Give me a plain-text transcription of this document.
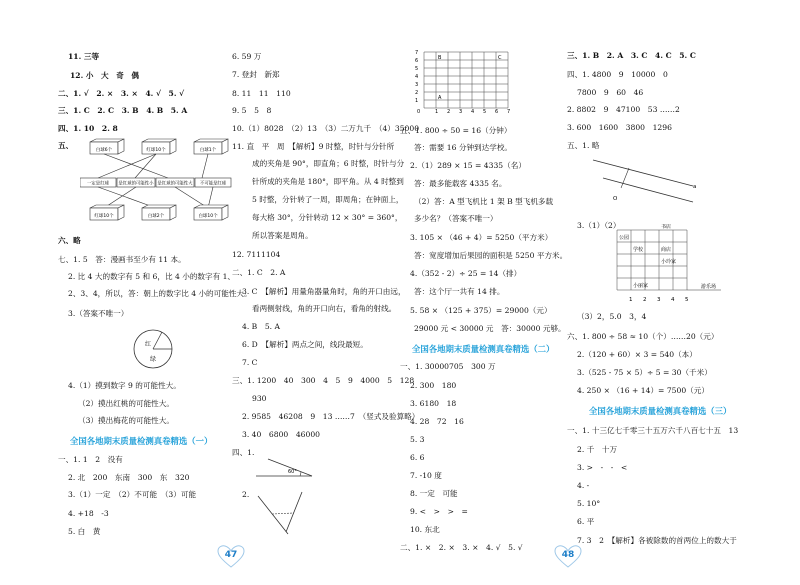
11. 三等
12. 小　大　奇　偶
二、1. √　2. ×　3. ×　4. √　5. √
三、1. C　2. C　3. B　4. B　5. A
四、1. 10　2. 8
五、
白球6个	红球10个	白球1个
一定是红球 是红球的可能性小 是红球的可能性大 不可能是红球
红球10个	白球2个	白球10个
六、略
七、1. 5　答：漫画书至少有 11 本。
2. 比 4 大的数字有 5 和 6，比 4 小的数字有 1、
2、3、4，所以，答：朝上的数字比 4 小的可能性大。
3.（答案不唯一）
红
绿
4.（1）摸到数字 9 的可能性大。
（2）摸出红桃的可能性大。
（3）摸出梅花的可能性大。
全国各地期末质量检测真卷精选（一）
一、1. 1　2　没有
2. 北　200　东南　300　东　320
3.（1）一定　（2）不可能　（3）可能
4. +18　-3
5. 白　黄
6. 59 万
7. 登封　新郑
8. 11　11　110
9. 5　5　8
10.（1）8028　（2）13　（3）二万九千　（4）35000
11. 直　平　周　【解析】9 时整，时针与分针所
成的夹角是 90°，即直角；6 时整，时针与分
针所成的夹角是 180°，即平角。从 4 时整到
5 时整，分针转了一周，即周角；在钟面上，
每大格 30°，分针转动 12 × 30° = 360°，
所以答案是周角。
12. 7111104
二、1. C　2. A
3. C　【解析】用量角器量角时，角的开口由远，
看两侧射线，角的开口向右，看角的射线。
4. B　5. A
6. D　【解析】两点之间，线段最短。
7. C
三、1. 1200　40　300　4　5　9　4000　5　128
930
2. 9585　46208　9　13 ……7　（竖式及验算略）
3. 40　6800　46000
四、1.
60°
2.
7
6
5
4
3
2
1
0	1 2 3 4 5 6 7
B	C
A
五、1. 800 ÷ 50 = 16（分钟）
答：需要 16 分钟到达学校。
2.（1）289 × 15 = 4335（名）
答：最多能载客 4335 名。
（2）答：A 型飞机比 1 架 B 型飞机多载
多少名？（答案不唯一）
3. 105 × （46 + 4）= 5250（平方米）
答：宽度增加后果园的面积是 5250 平方米。
4.（352 - 2）÷ 25 = 14（排）
答：这个厅一共有 14 排。
5. 58 × （125 + 375）= 29000（元）
29000 元 < 30000 元　答：30000 元够。
全国各地期末质量检测真卷精选（二）
一、1. 30000705　300 万
2. 300　180
3. 6180　18
4. 28　72　16
5. 3
6. 6
7. -10 度
8. 一定　可能
9. <　>　>　=
10. 东北
二、1. ×　2. ×　3. ×　4. √　5. √
三、1. B　2. A　3. C　4. C　5. C
四、1. 4800　9　10000　0
7800　9　60　46
2. 8802　9　47100　53 ……2
3. 600　1600　3800　1296
五、1. 略
O
a
3.（1）（2）
公园
学校
书店
小玲家
小丽家
商店
1 2 3 4 5
游乐场
（3）2，5.0　3，4
六、1. 800 ÷ 58 ≈ 10（个）……20（元）
2.（120 + 60）× 3 = 540（本）
3.（525 - 75 × 5）÷ 5 = 30（千米）
4. 250 × （16 + 14）= 7500（元）
全国各地期末质量检测真卷精选（三）
一、1. 十三亿七千零三十五万六千八百七十五　13
2. 千　十万
3. >　-　-　<
4. -
5. 10°
6. 平
7. 3　2　【解析】各被除数的首两位上的数大于
47	48
